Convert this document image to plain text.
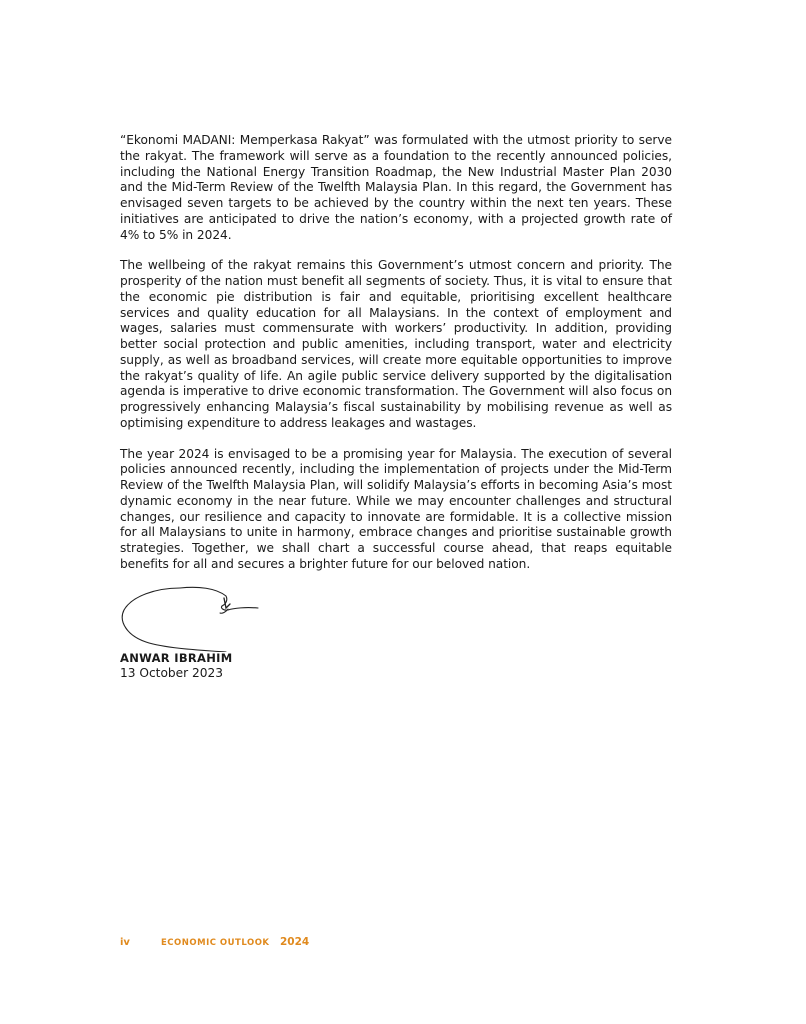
“Ekonomi MADANI: Memperkasa Rakyat” was formulated with the utmost priority to serve the rakyat. The framework will serve as a foundation to the recently announced policies, including the National Energy Transition Roadmap, the New Industrial Master Plan 2030 and the Mid-Term Review of the Twelfth Malaysia Plan. In this regard, the Government has envisaged seven targets to be achieved by the country within the next ten years. These initiatives are anticipated to drive the nation’s economy, with a projected growth rate of 4% to 5% in 2024.

The wellbeing of the rakyat remains this Government’s utmost concern and priority. The prosperity of the nation must benefit all segments of society. Thus, it is vital to ensure that the economic pie distribution is fair and equitable, prioritising excellent healthcare services and quality education for all Malaysians. In the context of employment and wages, salaries must commensurate with workers’ productivity. In addition, providing better social protection and public amenities, including transport, water and electricity supply, as well as broadband services, will create more equitable opportunities to improve the rakyat’s quality of life. An agile public service delivery supported by the digitalisation agenda is imperative to drive economic transformation. The Government will also focus on progressively enhancing Malaysia’s fiscal sustainability by mobilising revenue as well as optimising expenditure to address leakages and wastages.

The year 2024 is envisaged to be a promising year for Malaysia. The execution of several policies announced recently, including the implementation of projects under the Mid-Term Review of the Twelfth Malaysia Plan, will solidify Malaysia’s efforts in becoming Asia’s most dynamic economy in the near future. While we may encounter challenges and structural changes, our resilience and capacity to innovate are formidable. It is a collective mission for all Malaysians to unite in harmony, embrace changes and prioritise sustainable growth strategies. Together, we shall chart a successful course ahead, that reaps equitable benefits for all and secures a brighter future for our beloved nation.

ANWAR IBRAHIM
13 October 2023
iv	ECONOMIC OUTLOOK 2024
